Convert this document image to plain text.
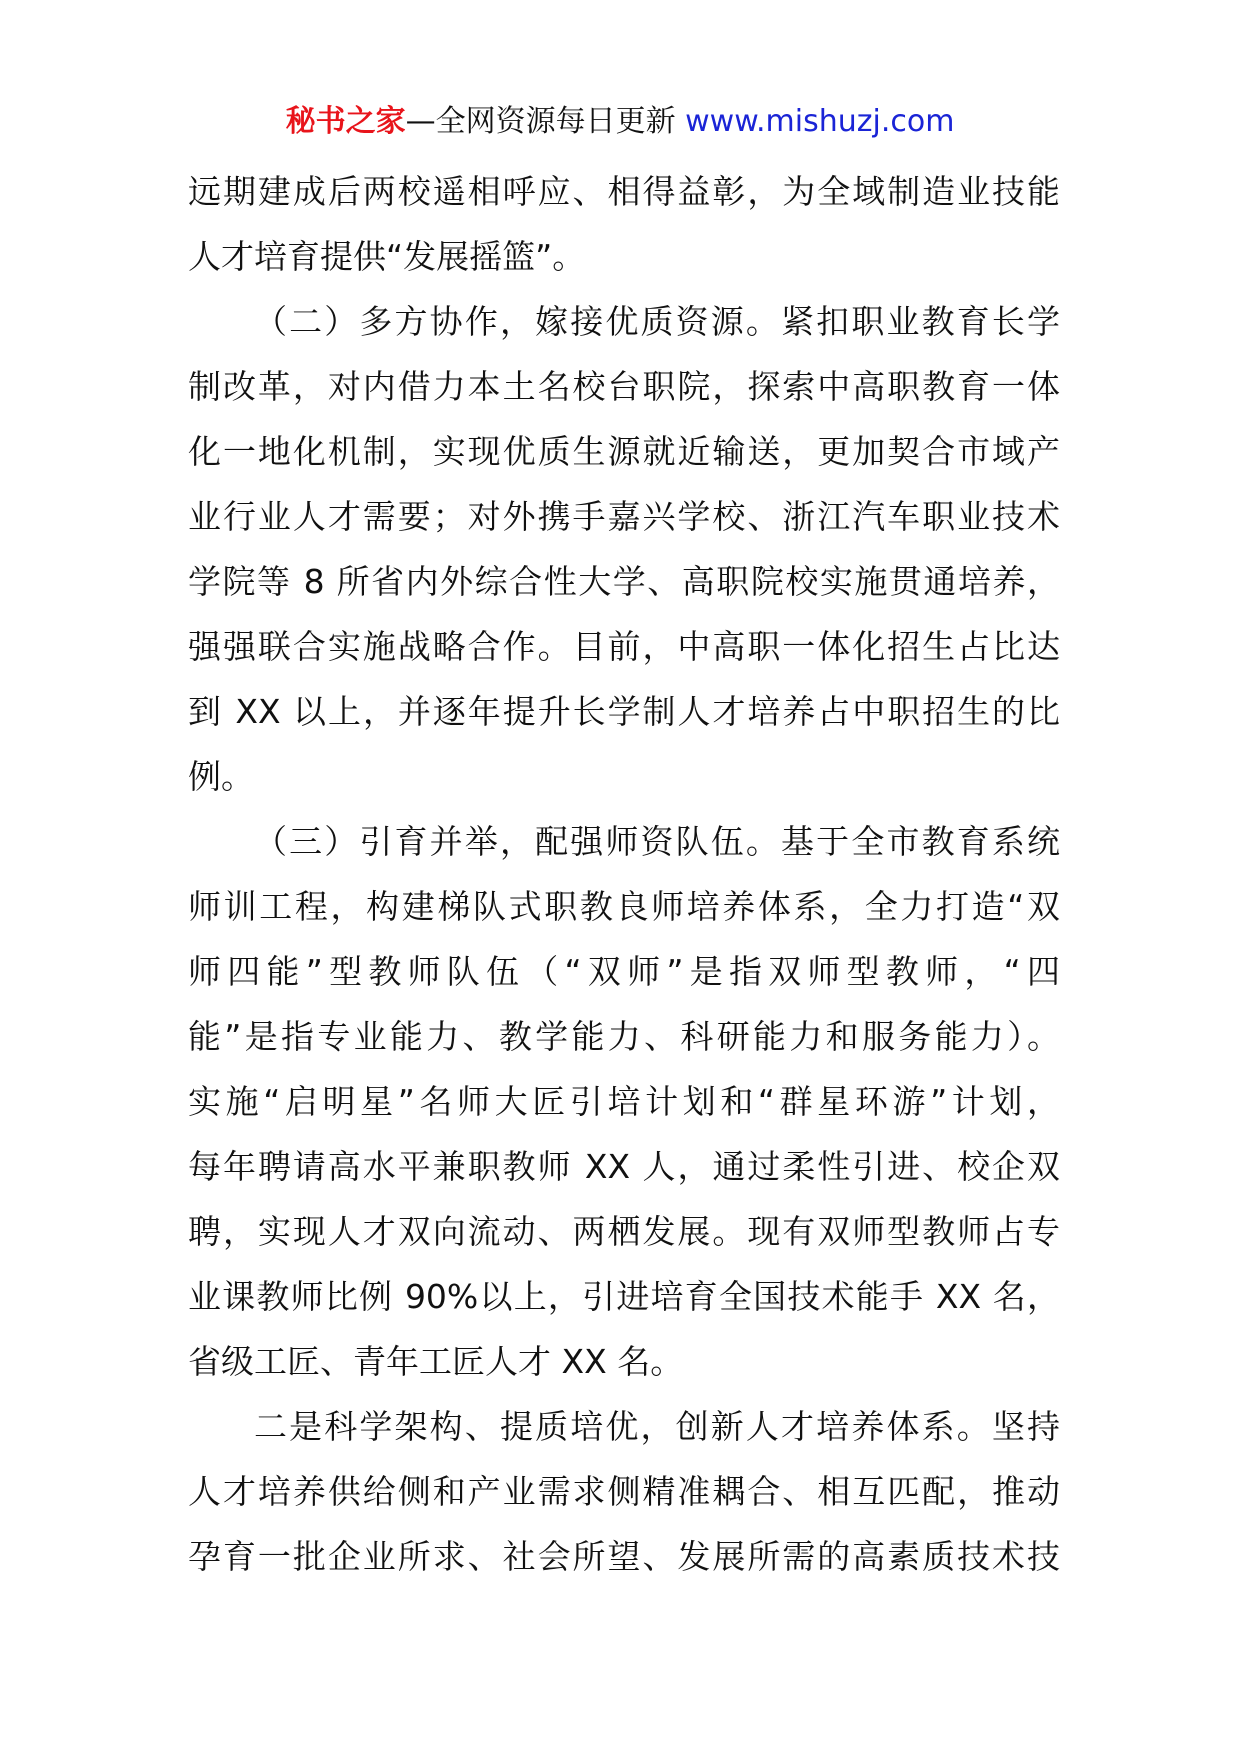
秘书之家—全网资源每日更新 www.mishuzj.com

远期建成后两校遥相呼应、相得益彰，为全域制造业技能
人才培育提供“发展摇篮”。

（二）多方协作，嫁接优质资源。紧扣职业教育长学
制改革，对内借力本土名校台职院，探索中高职教育一体
化一地化机制，实现优质生源就近输送，更加契合市域产
业行业人才需要；对外携手嘉兴学校、浙江汽车职业技术
学院等 8 所省内外综合性大学、高职院校实施贯通培养，
强强联合实施战略合作。目前，中高职一体化招生占比达
到 XX 以上，并逐年提升长学制人才培养占中职招生的比
例。

（三）引育并举，配强师资队伍。基于全市教育系统
师训工程，构建梯队式职教良师培养体系，全力打造“双
师四能”型教师队伍（“双师”是指双师型教师，“四
能”是指专业能力、教学能力、科研能力和服务能力）。
实施“启明星”名师大匠引培计划和“群星环游”计划，
每年聘请高水平兼职教师 XX 人，通过柔性引进、校企双
聘，实现人才双向流动、两栖发展。现有双师型教师占专
业课教师比例 90%以上，引进培育全国技术能手 XX 名，
省级工匠、青年工匠人才 XX 名。

二是科学架构、提质培优，创新人才培养体系。坚持
人才培养供给侧和产业需求侧精准耦合、相互匹配，推动
孕育一批企业所求、社会所望、发展所需的高素质技术技
